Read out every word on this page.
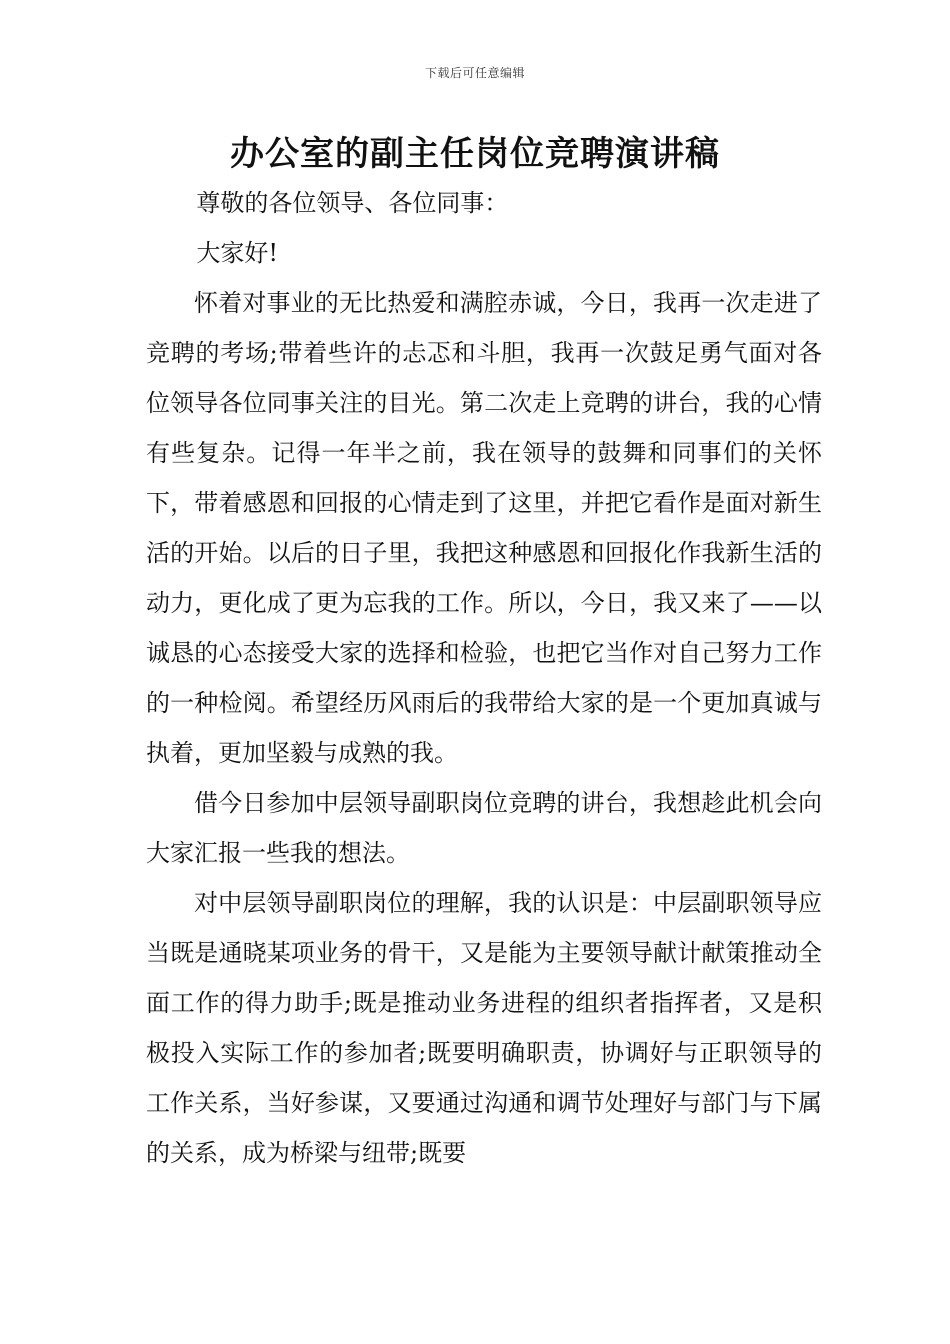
下载后可任意编辑
办公室的副主任岗位竞聘演讲稿

尊敬的各位领导、各位同事：

大家好!

怀着对事业的无比热爱和满腔赤诚，今日，我再一次走进了竞聘的考场;带着些许的忐忑和斗胆，我再一次鼓足勇气面对各位领导各位同事关注的目光。第二次走上竞聘的讲台，我的心情有些复杂。记得一年半之前，我在领导的鼓舞和同事们的关怀下，带着感恩和回报的心情走到了这里，并把它看作是面对新生活的开始。以后的日子里，我把这种感恩和回报化作我新生活的动力，更化成了更为忘我的工作。所以，今日，我又来了——以诚恳的心态接受大家的选择和检验，也把它当作对自己努力工作的一种检阅。希望经历风雨后的我带给大家的是一个更加真诚与执着，更加坚毅与成熟的我。

借今日参加中层领导副职岗位竞聘的讲台，我想趁此机会向大家汇报一些我的想法。

对中层领导副职岗位的理解，我的认识是：中层副职领导应当既是通晓某项业务的骨干，又是能为主要领导献计献策推动全面工作的得力助手;既是推动业务进程的组织者指挥者，又是积极投入实际工作的参加者;既要明确职责，协调好与正职领导的工作关系，当好参谋，又要通过沟通和调节处理好与部门与下属的关系，成为桥梁与纽带;既要
